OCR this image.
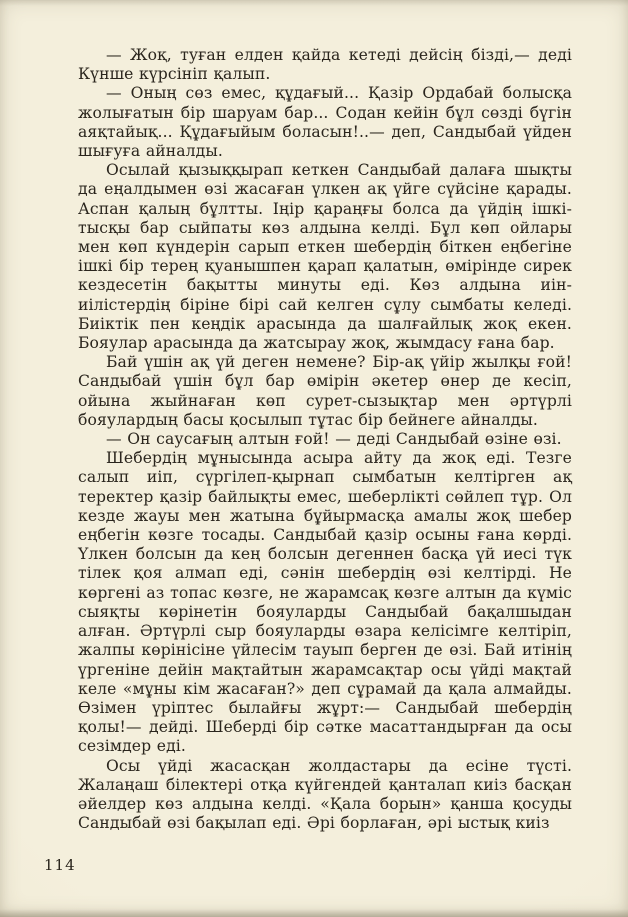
— Жоқ, туған елден қайда кетеді дейсің бізді,— деді Күнше күрсініп қалып.

— Оның сөз емес, құдағый... Қазір Ордабай болысқа жолығатын бір шаруам бар... Содан кейін бұл сөзді бүгін аяқтайық... Құдағыйым боласын!..— деп, Сандыбай үйден шығуға айналды.

Осылай қызыққырап кеткен Сандыбай далаға шықты да еңалдымен өзі жасаған үлкен ақ үйге сүйсіне қарады. Аспан қалың бұлтты. Іңір қараңғы болса да үйдің ішкі-тысқы бар сыйпаты көз алдына келді. Бұл көп ойлары мен көп күндерін сарып еткен шебердің біткен еңбегіне ішкі бір терең қуанышпен қарап қалатын, өмірінде сирек кездесетін бақытты минуты еді. Көз алдына иін-иілістердің біріне бірі сай келген сұлу сымбаты келеді. Биіктік пен кеңдік арасында да шалғайлық жоқ екен. Бояулар арасында да жатсырау жоқ, жымдасу ғана бар.

Бай үшін ақ үй деген немене? Бір-ақ үйір жылқы ғой! Сандыбай үшін бұл бар өмірін әкетер өнер де кесіп, ойына жыйнаған көп сурет-сызықтар мен әртүрлі бояулардың басы қосылып тұтас бір бейнеге айналды.

— Он саусағың алтын ғой! — деді Сандыбай өзіне өзі.

Шебердің мұнысында асыра айту да жоқ еді. Тезге салып иіп, сүргілеп-қырнап сымбатын келтірген ақ теректер қазір байлықты емес, шеберлікті сөйлеп тұр. Ол кезде жауы мен жатына бұйырмасқа амалы жоқ шебер еңбегін көзге тосады. Сандыбай қазір осыны ғана көрді. Үлкен болсын да кең болсын дегеннен басқа үй иесі түк тілек қоя алмап еді, сәнін шебердің өзі келтірді. Не көргені аз топас көзге, не жарамсақ көзге алтын да күміс сыяқты көрінетін бояуларды Сандыбай бақалшыдан алған. Әртүрлі сыр бояуларды өзара келісімге келтіріп, жалпы көрінісіне үйлесім тауып берген де өзі. Бай итінің үргеніне дейін мақтайтын жарамсақтар осы үйді мақтай келе «мұны кім жасаған?» деп сұрамай да қала алмайды. Өзімен үріптес былайғы жұрт:— Сандыбай шебердің қолы!— дейді. Шеберді бір сәтке масаттандырған да осы сезімдер еді.

Осы үйді жасасқан жолдастары да есіне түсті. Жалаңаш білектері отқа күйгендей қанталап киіз басқан әйелдер көз алдына келді. «Қала борын» қанша қосуды Сандыбай өзі бақылап еді. Әрі борлаған, әрі ыстық киіз

114
